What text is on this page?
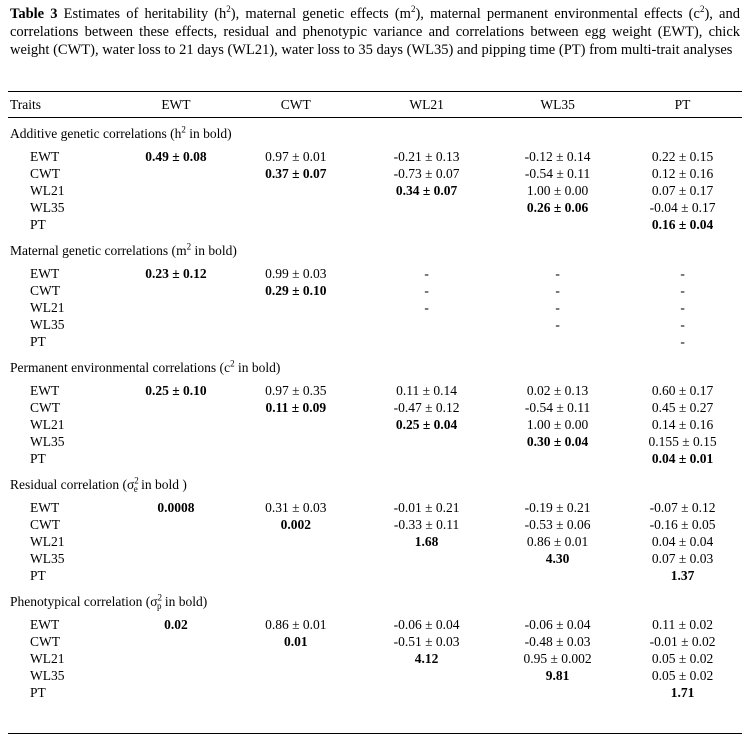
Table 3 Estimates of heritability $(h^2)$, maternal genetic effects $(m^2)$, maternal permanent environmental effects $(c^2)$, and correlations between these effects, residual and phenotypic variance and correlations between egg weight (EWT), chick weight (CWT), water loss to 21 days (WL21), water loss to 35 days (WL35) and pipping time (PT) from multi-trait analyses
Traits	EWT	CWT	WL21	WL35	PT
Additive genetic correlations ($h^2$ in bold)					

EWT	0.49 ± 0.08	0.97 ± 0.01	-0.21 ± 0.13	-0.12 ± 0.14	0.22 ± 0.15
CWT		0.37 ± 0.07	-0.73 ± 0.07	-0.54 ± 0.11	0.12 ± 0.16
WL21			0.34 ± 0.07	1.00 ± 0.00	0.07 ± 0.17
WL35				0.26 ± 0.06	-0.04 ± 0.17
PT					0.16 ± 0.04
Maternal genetic correlations ($m^2$ in bold)					

EWT	0.23 ± 0.12	0.99 ± 0.03	-	-	-
CWT		0.29 ± 0.10	-	-	-
WL21			-	-	-
WL35				-	-
PT					-
Permanent environmental correlations ($c^2$ in bold)					

EWT	0.25 ± 0.10	0.97 ± 0.35	0.11 ± 0.14	0.02 ± 0.13	0.60 ± 0.17
CWT		0.11 ± 0.09	-0.47 ± 0.12	-0.54 ± 0.11	0.45 ± 0.27
WL21			0.25 ± 0.04	1.00 ± 0.00	0.14 ± 0.16
WL35				0.30 ± 0.04	0.155 ± 0.15
PT					0.04 ± 0.01
Residual correlation ($\sigma^2_e$ in bold )					

EWT	0.0008	0.31 ± 0.03	-0.01 ± 0.21	-0.19 ± 0.21	-0.07 ± 0.12
CWT		0.002	-0.33 ± 0.11	-0.53 ± 0.06	-0.16 ± 0.05
WL21			1.68	0.86 ± 0.01	0.04 ± 0.04
WL35				4.30	0.07 ± 0.03
PT					1.37
Phenotypical correlation ($\sigma^2_p$ in bold)					

EWT	0.02	0.86 ± 0.01	-0.06 ± 0.04	-0.06 ± 0.04	0.11 ± 0.02
CWT		0.01	-0.51 ± 0.03	-0.48 ± 0.03	-0.01 ± 0.02
WL21			4.12	0.95 ± 0.002	0.05 ± 0.02
WL35				9.81	0.05 ± 0.02
PT					1.71
